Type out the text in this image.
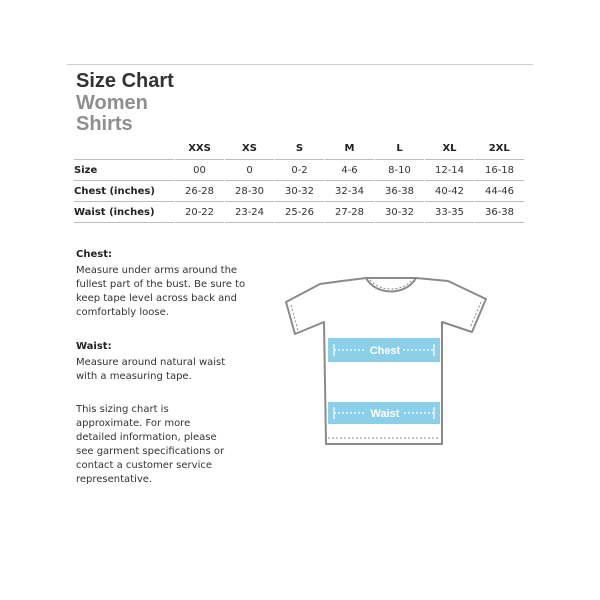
Size Chart
Women
Shirts
	XXS	XS	S	M	L	XL	2XL
Size	00	0	0-2	4-6	8-10	12-14	16-18
Chest (inches)	26-28	28-30	30-32	32-34	36-38	40-42	44-46
Waist (inches)	20-22	23-24	25-26	27-28	30-32	33-35	36-38

Chest:

Measure under arms around the fullest part of the bust. Be sure to keep tape level across back and comfortably loose.

Waist:

Measure around natural waist with a measuring tape.

This sizing chart is approximate. For more detailed information, please see garment specifications or contact a customer service representative.

Chest
Waist
